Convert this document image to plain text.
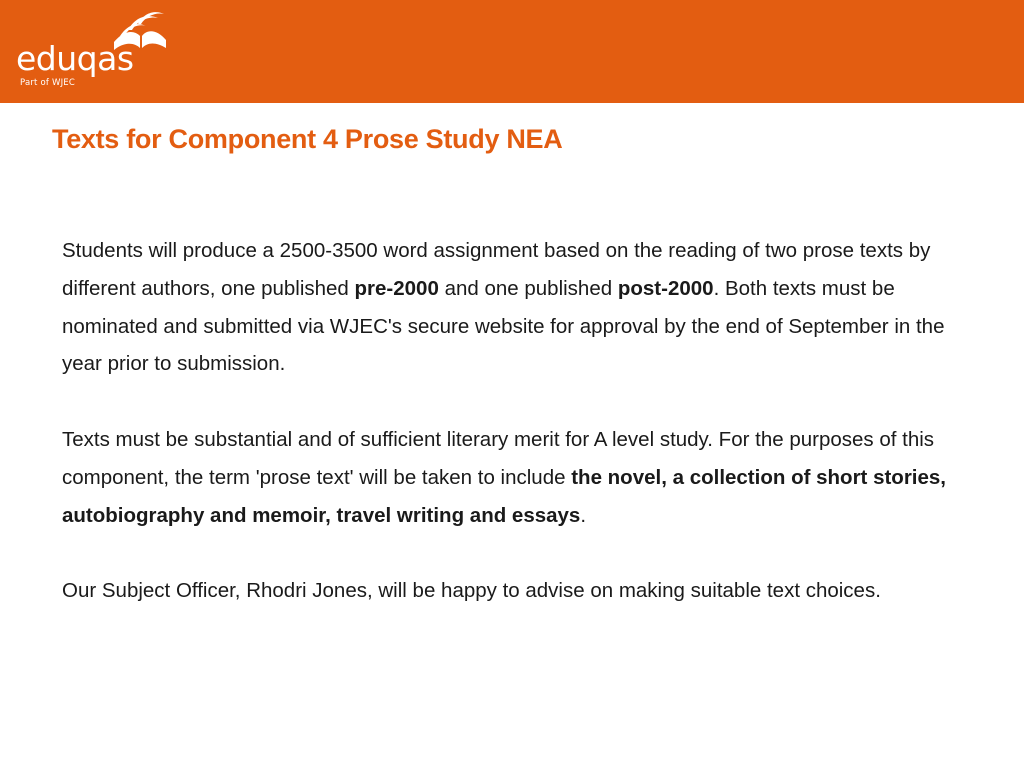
eduqas
Part of WJEC
Texts for Component 4 Prose Study NEA

Students will produce a 2500-3500 word assignment based on the reading of two prose texts by different authors, one published pre-2000 and one published post-2000. Both texts must be nominated and submitted via WJEC's secure website for approval by the end of September in the year prior to submission.

Texts must be substantial and of sufficient literary merit for A level study. For the purposes of this component, the term 'prose text' will be taken to include the novel, a collection of short stories, autobiography and memoir, travel writing and essays.

Our Subject Officer, Rhodri Jones, will be happy to advise on making suitable text choices.
